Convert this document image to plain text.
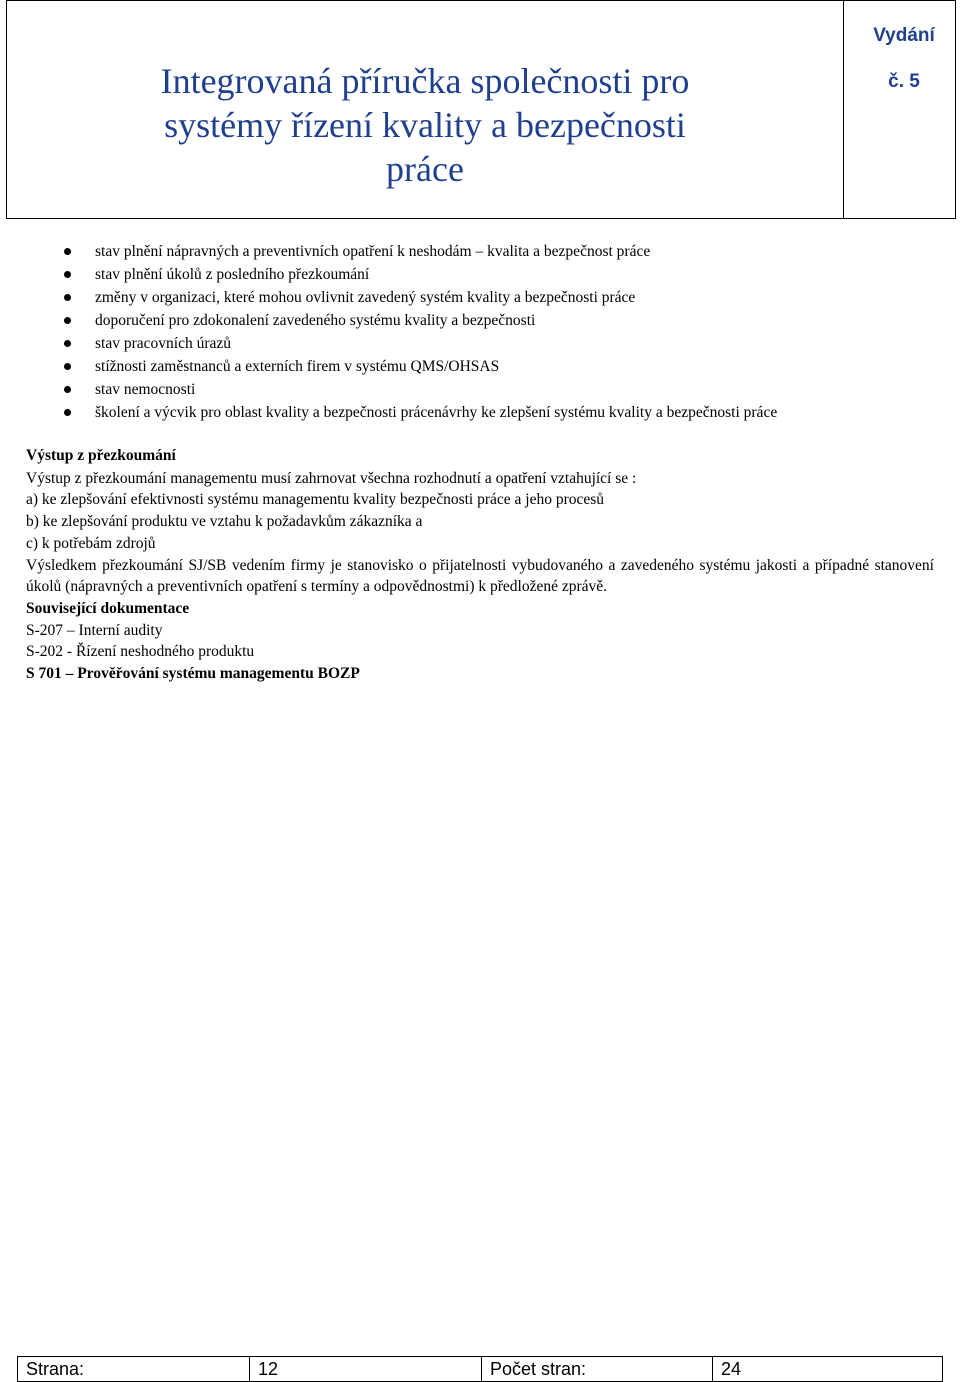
Integrovaná příručka společnosti pro
systémy řízení kvality a bezpečnosti
práce
Vydání
č. 5
stav plnění nápravných a preventivních opatření k neshodám – kvalita a bezpečnost práce
stav plnění úkolů z posledního přezkoumání
změny v organizaci, které mohou ovlivnit zavedený systém kvality a bezpečnosti práce
doporučení pro zdokonalení zavedeného systému kvality a bezpečnosti
stav pracovních úrazů
stížnosti zaměstnanců a externích firem v systému QMS/OHSAS
stav nemocnosti
školení a výcvik pro oblast kvality a bezpečnosti prácenávrhy ke zlepšení systému kvality a bezpečnosti práce

Výstup z přezkoumání

Výstup z přezkoumání managementu musí zahrnovat všechna rozhodnutí a opatření vztahující se :

a) ke zlepšování efektivnosti systému managementu kvality bezpečnosti práce a jeho procesů

b) ke zlepšování produktu ve vztahu k požadavkům zákazníka a

c) k potřebám zdrojů

Výsledkem přezkoumání SJ/SB vedením firmy je stanovisko o přijatelnosti vybudovaného a zavedeného systému jakosti a případné stanovení úkolů (nápravných a preventivních opatření s termíny a odpovědnostmi) k předložené zprávě.

Související dokumentace

S-207 – Interní audity

S-202 - Řízení neshodného produktu

S 701 – Prověřování systému managementu BOZP

Strana:	12	Počet stran:	24
